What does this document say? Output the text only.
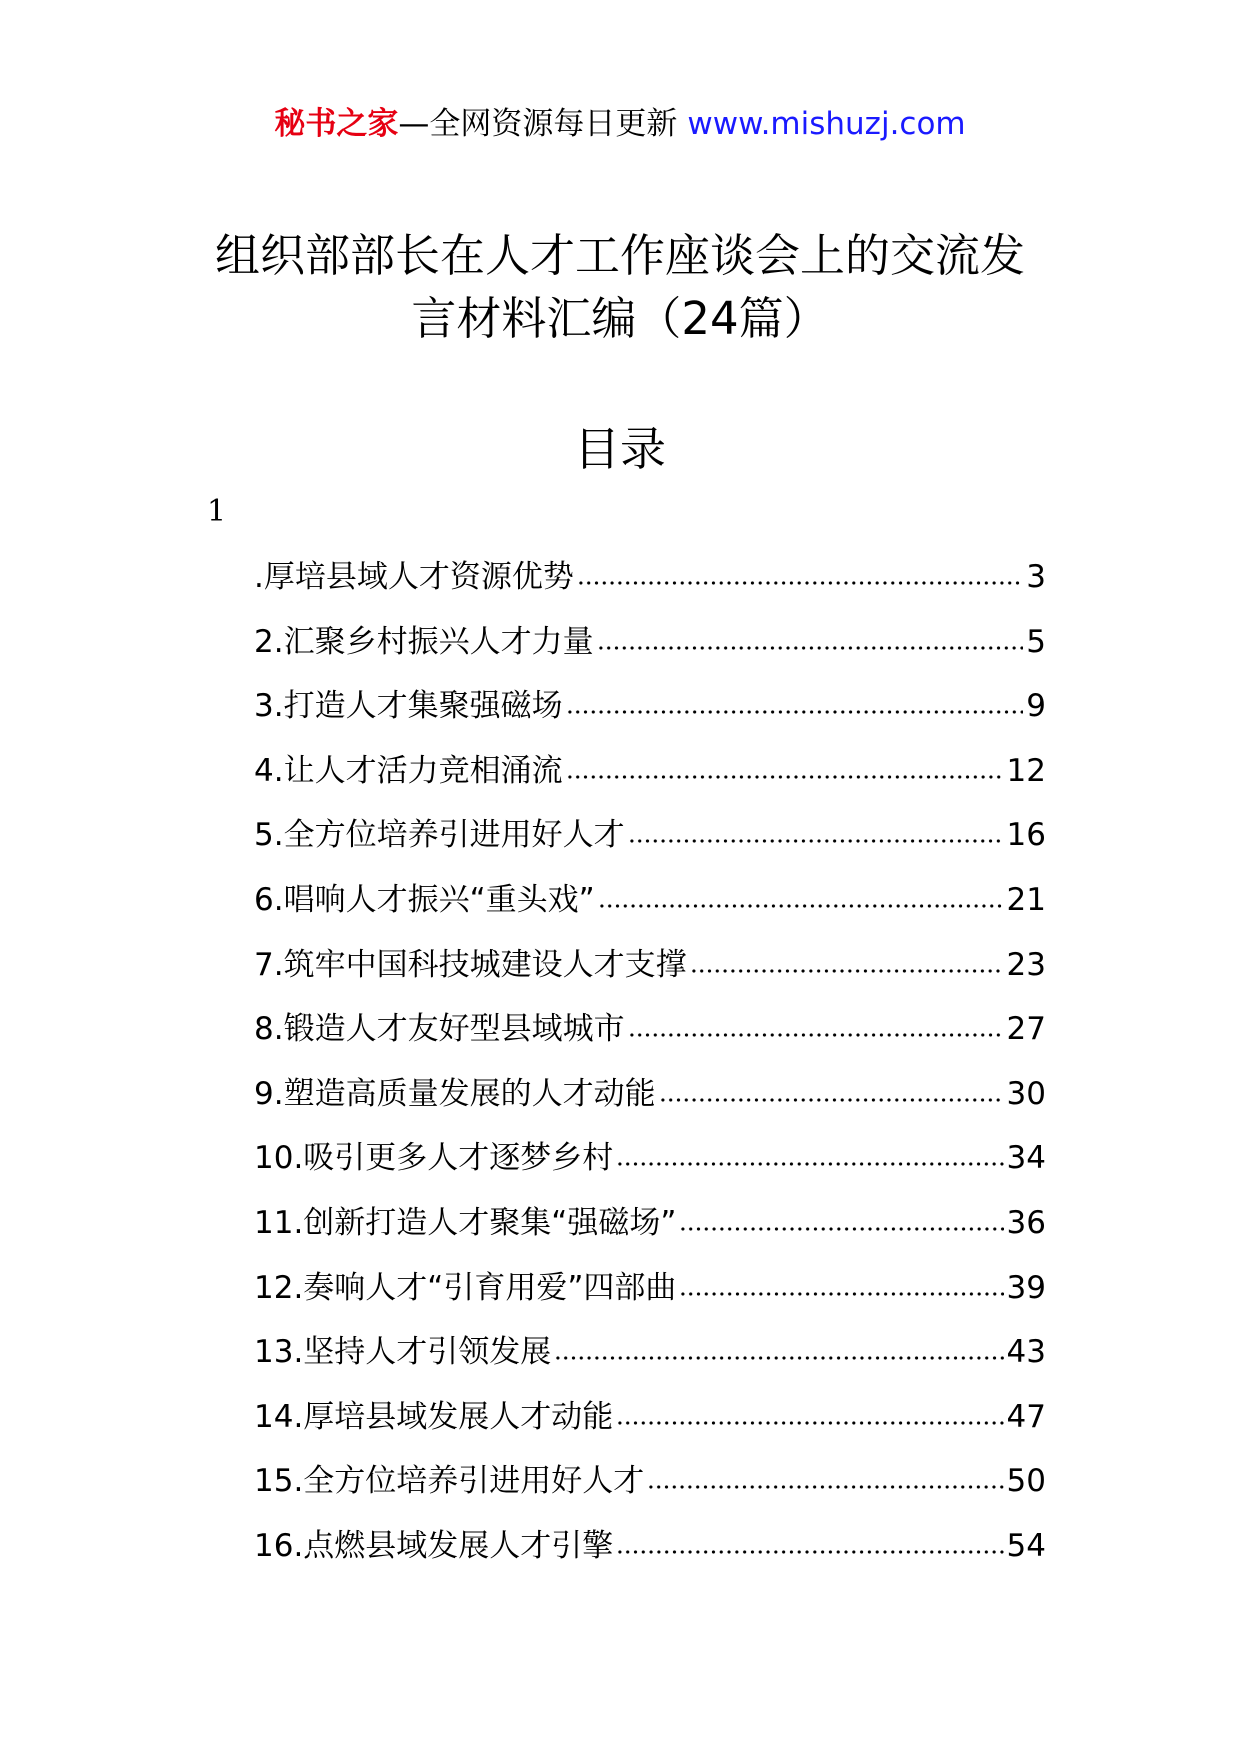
秘书之家—全网资源每日更新 www.mishuzj.com
组织部部长在人才工作座谈会上的交流发
言材料汇编（24篇）
目录
1
.厚培县域人才资源优势	3
2.汇聚乡村振兴人才力量	5
3.打造人才集聚强磁场	9
4.让人才活力竞相涌流	12
5.全方位培养引进用好人才	16
6.唱响人才振兴“重头戏”	21
7.筑牢中国科技城建设人才支撑	23
8.锻造人才友好型县域城市	27
9.塑造高质量发展的人才动能	30
10.吸引更多人才逐梦乡村	34
11.创新打造人才聚集“强磁场”	36
12.奏响人才“引育用爱”四部曲	39
13.坚持人才引领发展	43
14.厚培县域发展人才动能	47
15.全方位培养引进用好人才	50
16.点燃县域发展人才引擎	54
